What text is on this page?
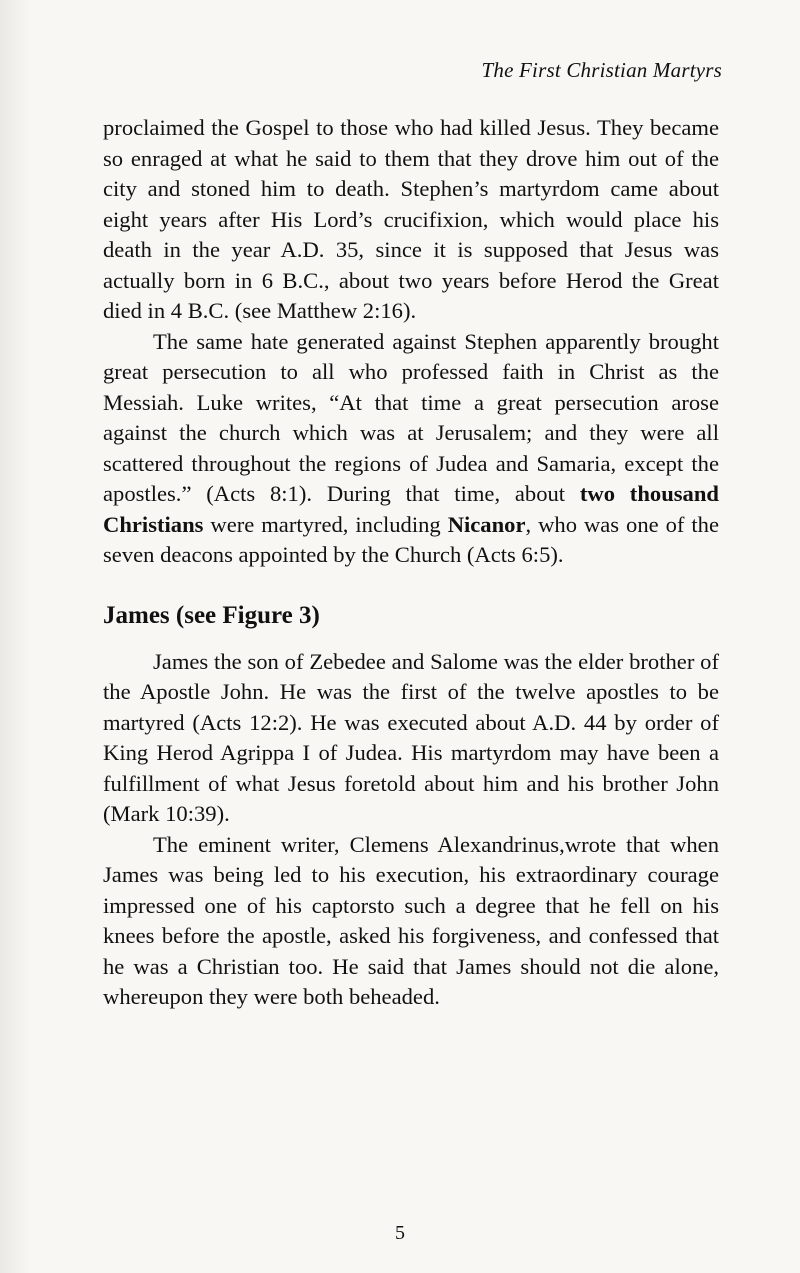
The First Christian Martyrs

proclaimed the Gospel to those who had killed Jesus. They became so enraged at what he said to them that they drove him out of the city and stoned him to death. Stephen’s martyrdom came about eight years after His Lord’s crucifixion, which would place his death in the year A.D. 35, since it is supposed that Jesus was actually born in 6 B.C., about two years before Herod the Great died in 4 B.C. (see Matthew 2:16).

The same hate generated against Stephen apparently brought great persecution to all who professed faith in Christ as the Messiah. Luke writes, “At that time a great persecution arose against the church which was at Jerusalem; and they were all scattered throughout the regions of Judea and Samaria, except the apostles.” (Acts 8:1). During that time, about two thousand Christians were martyred, including Nicanor, who was one of the seven deacons appointed by the Church (Acts 6:5).

James (see Figure 3)

James the son of Zebedee and Salome was the elder brother of the Apostle John. He was the first of the twelve apostles to be martyred (Acts 12:2). He was executed about A.D. 44 by order of King Herod Agrippa I of Judea. His martyrdom may have been a fulfillment of what Jesus foretold about him and his brother John (Mark 10:39).

The eminent writer, Clemens Alexandrinus,wrote that when James was being led to his execution, his extraordinary courage impressed one of his captorsto such a degree that he fell on his knees before the apostle, asked his forgiveness, and confessed that he was a Christian too. He said that James should not die alone, whereupon they were both beheaded.

5
